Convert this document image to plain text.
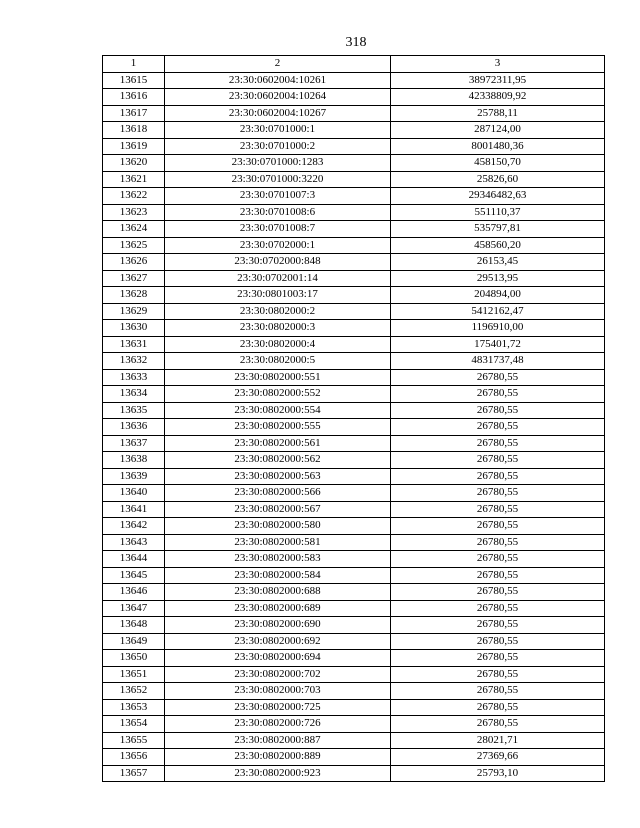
318
1	2	3
13615	23:30:0602004:10261	38972311,95
13616	23:30:0602004:10264	42338809,92
13617	23:30:0602004:10267	25788,11
13618	23:30:0701000:1	287124,00
13619	23:30:0701000:2	8001480,36
13620	23:30:0701000:1283	458150,70
13621	23:30:0701000:3220	25826,60
13622	23:30:0701007:3	29346482,63
13623	23:30:0701008:6	551110,37
13624	23:30:0701008:7	535797,81
13625	23:30:0702000:1	458560,20
13626	23:30:0702000:848	26153,45
13627	23:30:0702001:14	29513,95
13628	23:30:0801003:17	204894,00
13629	23:30:0802000:2	5412162,47
13630	23:30:0802000:3	1196910,00
13631	23:30:0802000:4	175401,72
13632	23:30:0802000:5	4831737,48
13633	23:30:0802000:551	26780,55
13634	23:30:0802000:552	26780,55
13635	23:30:0802000:554	26780,55
13636	23:30:0802000:555	26780,55
13637	23:30:0802000:561	26780,55
13638	23:30:0802000:562	26780,55
13639	23:30:0802000:563	26780,55
13640	23:30:0802000:566	26780,55
13641	23:30:0802000:567	26780,55
13642	23:30:0802000:580	26780,55
13643	23:30:0802000:581	26780,55
13644	23:30:0802000:583	26780,55
13645	23:30:0802000:584	26780,55
13646	23:30:0802000:688	26780,55
13647	23:30:0802000:689	26780,55
13648	23:30:0802000:690	26780,55
13649	23:30:0802000:692	26780,55
13650	23:30:0802000:694	26780,55
13651	23:30:0802000:702	26780,55
13652	23:30:0802000:703	26780,55
13653	23:30:0802000:725	26780,55
13654	23:30:0802000:726	26780,55
13655	23:30:0802000:887	28021,71
13656	23:30:0802000:889	27369,66
13657	23:30:0802000:923	25793,10
